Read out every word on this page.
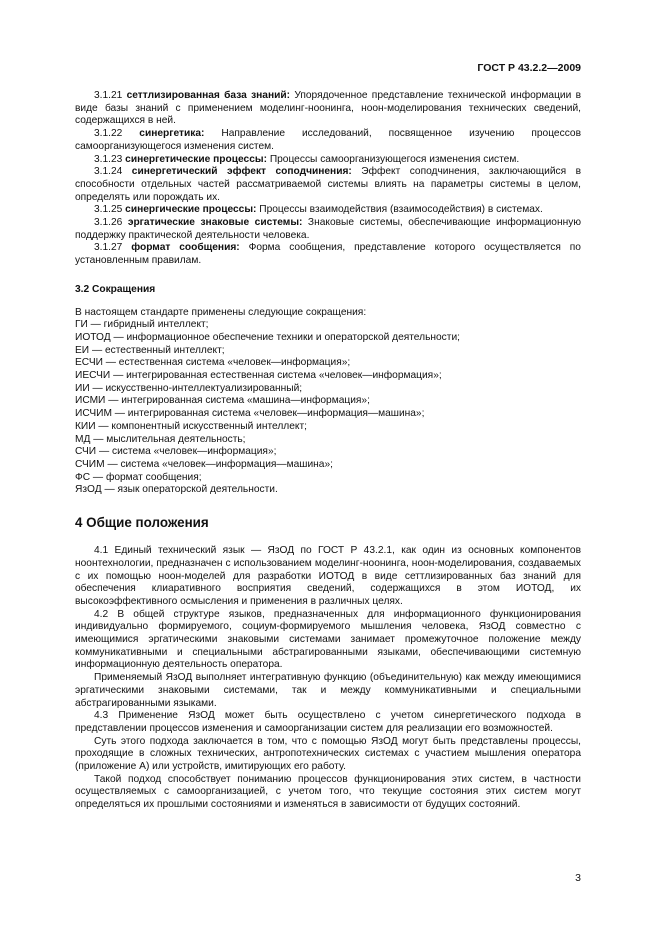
ГОСТ Р 43.2.2—2009

3.1.21 сеттлизированная база знаний: Упорядоченное представление технической информации в виде базы знаний с применением моделинг-ноонинга, ноон-моделирования технических сведений, содержащихся в ней.

3.1.22 синергетика: Направление исследований, посвященное изучению процессов самоорганизующегося изменения систем.

3.1.23 синергетические процессы: Процессы самоорганизующегося изменения систем.

3.1.24 синергетический эффект соподчинения: Эффект соподчинения, заключающийся в способности отдельных частей рассматриваемой системы влиять на параметры системы в целом, определять или порождать их.

3.1.25 синергические процессы: Процессы взаимодействия (взаимосодействия) в системах.

3.1.26 эргатические знаковые системы: Знаковые системы, обеспечивающие информационную поддержку практической деятельности человека.

3.1.27 формат сообщения: Форма сообщения, представление которого осуществляется по установленным правилам.

3.2 Сокращения

В настоящем стандарте применены следующие сокращения:

ГИ — гибридный интеллект;
ИОТОД — информационное обеспечение техники и операторской деятельности;
ЕИ — естественный интеллект;
ЕСЧИ — естественная система «человек—информация»;
ИЕСЧИ — интегрированная естественная система «человек—информация»;
ИИ — искусственно-интеллектуализированный;
ИСМИ — интегрированная система «машина—информация»;
ИСЧИМ — интегрированная система «человек—информация—машина»;
КИИ — компонентный искусственный интеллект;
МД — мыслительная деятельность;
СЧИ — система «человек—информация»;
СЧИМ — система «человек—информация—машина»;
ФС — формат сообщения;
ЯзОД — язык операторской деятельности.

4 Общие положения

4.1 Единый технический язык — ЯзОД по ГОСТ Р 43.2.1, как один из основных компонентов ноонтехнологии, предназначен с использованием моделинг-ноонинга, ноон-моделирования, создаваемых с их помощью ноон-моделей для разработки ИОТОД в виде сеттлизированных баз знаний для обеспечения клиаративного восприятия сведений, содержащихся в этом ИОТОД, их высокоэффективного осмысления и применения в различных целях.

4.2 В общей структуре языков, предназначенных для информационного функционирования индивидуально формируемого, социум-формируемого мышления человека, ЯзОД совместно с имеющимися эргатическими знаковыми системами занимает промежуточное положение между коммуникативными и специальными абстрагированными языками, обеспечивающими системную информационную деятельность оператора.

Применяемый ЯзОД выполняет интегративную функцию (объединительную) как между имеющимися эргатическими знаковыми системами, так и между коммуникативными и специальными абстрагированными языками.

4.3 Применение ЯзОД может быть осуществлено с учетом синергетического подхода в представлении процессов изменения и самоорганизации систем для реализации его возможностей.

Суть этого подхода заключается в том, что с помощью ЯзОД могут быть представлены процессы, проходящие в сложных технических, антропотехнических системах с участием мышления оператора (приложение А) или устройств, имитирующих его работу.

Такой подход способствует пониманию процессов функционирования этих систем, в частности осуществляемых с самоорганизацией, с учетом того, что текущие состояния этих систем могут определяться их прошлыми состояниями и изменяться в зависимости от будущих состояний.

3
